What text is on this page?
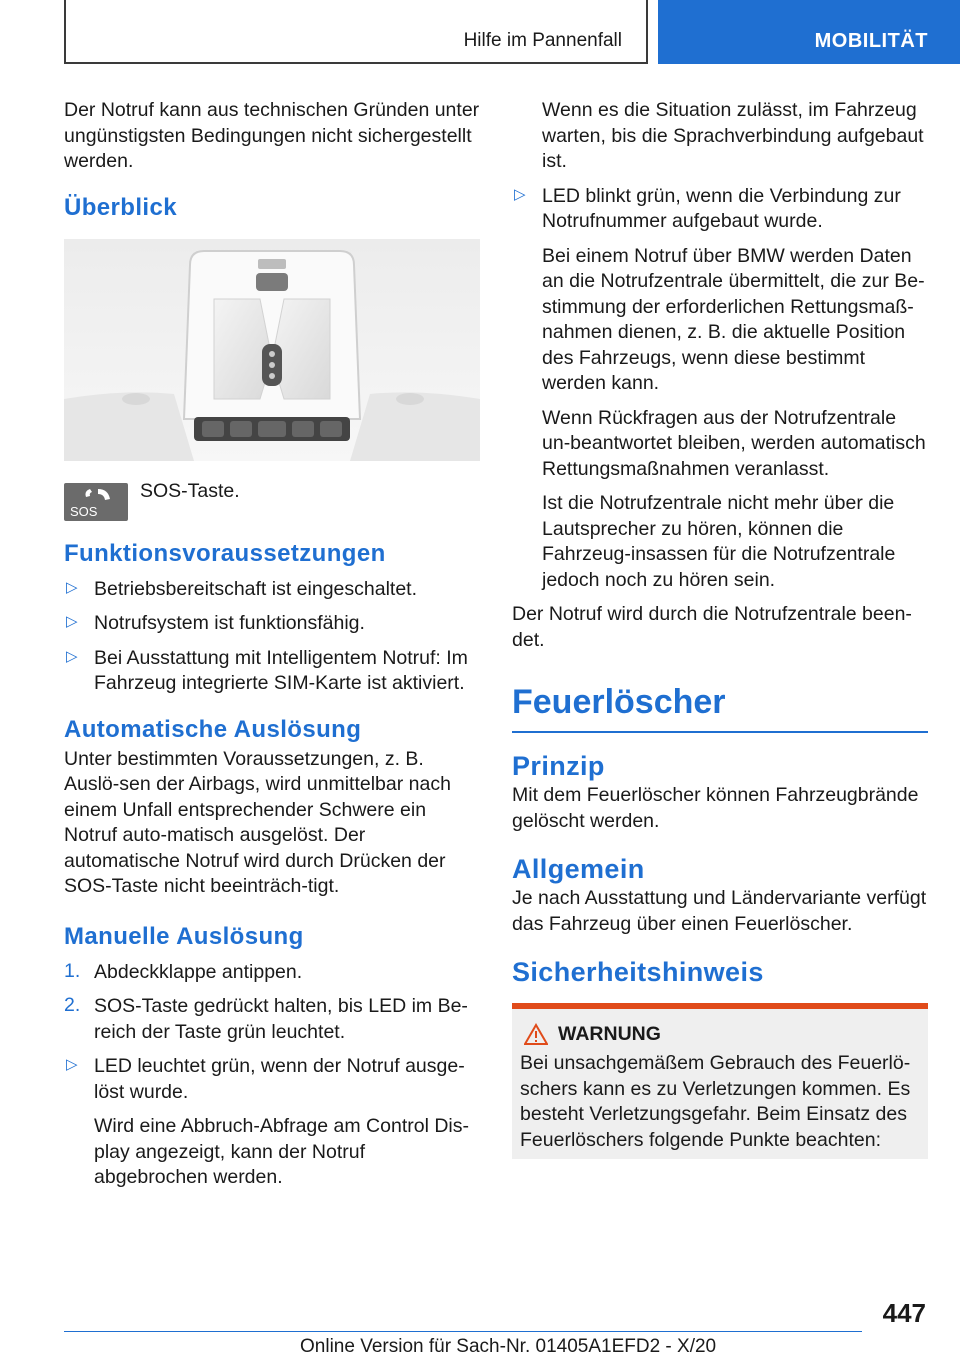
Hilfe im Pannenfall	MOBILITÄT

Der Notruf kann aus technischen Gründen unter ungünstigsten Bedingungen nicht sichergestellt werden.

Überblick
SOS

SOS-Taste.

Funktionsvoraussetzungen
▷ Betriebsbereitschaft ist eingeschaltet.

▷ Notrufsystem ist funktionsfähig.

▷ Bei Ausstattung mit Intelligentem Notruf: Im Fahrzeug integrierte SIM-Karte ist aktiviert.

Automatische Auslösung

Unter bestimmten Voraussetzungen, z. B. Auslö-sen der Airbags, wird unmittelbar nach einem Unfall entsprechender Schwere ein Notruf auto-matisch ausgelöst. Der automatische Notruf wird durch Drücken der SOS-Taste nicht beeinträch-tigt.

Manuelle Auslösung
1. Abdeckklappe antippen.

2. SOS-Taste gedrückt halten, bis LED im Be-reich der Taste grün leuchtet.

▷ LED leuchtet grün, wenn der Notruf ausge-löst wurde.

Wird eine Abbruch-Abfrage am Control Dis-play angezeigt, kann der Notruf abgebrochen werden.

Wenn es die Situation zulässt, im Fahrzeug warten, bis die Sprachverbindung aufgebaut ist.

▷ LED blinkt grün, wenn die Verbindung zur Notrufnummer aufgebaut wurde.

Bei einem Notruf über BMW werden Daten an die Notrufzentrale übermittelt, die zur Be-stimmung der erforderlichen Rettungsmaß-nahmen dienen, z. B. die aktuelle Position des Fahrzeugs, wenn diese bestimmt werden kann.

Wenn Rückfragen aus der Notrufzentrale un-beantwortet bleiben, werden automatisch Rettungsmaßnahmen veranlasst.

Ist die Notrufzentrale nicht mehr über die Lautsprecher zu hören, können die Fahrzeug-insassen für die Notrufzentrale jedoch noch zu hören sein.

Der Notruf wird durch die Notrufzentrale been-det.

Feuerlöscher
Prinzip

Mit dem Feuerlöscher können Fahrzeugbrände gelöscht werden.

Allgemein

Je nach Ausstattung und Ländervariante verfügt das Fahrzeug über einen Feuerlöscher.

Sicherheitshinweis
WARNUNG

Bei unsachgemäßem Gebrauch des Feuerlö-schers kann es zu Verletzungen kommen. Es besteht Verletzungsgefahr. Beim Einsatz des Feuerlöschers folgende Punkte beachten:

447
Online Version für Sach-Nr. 01405A1EFD2 - X/20
